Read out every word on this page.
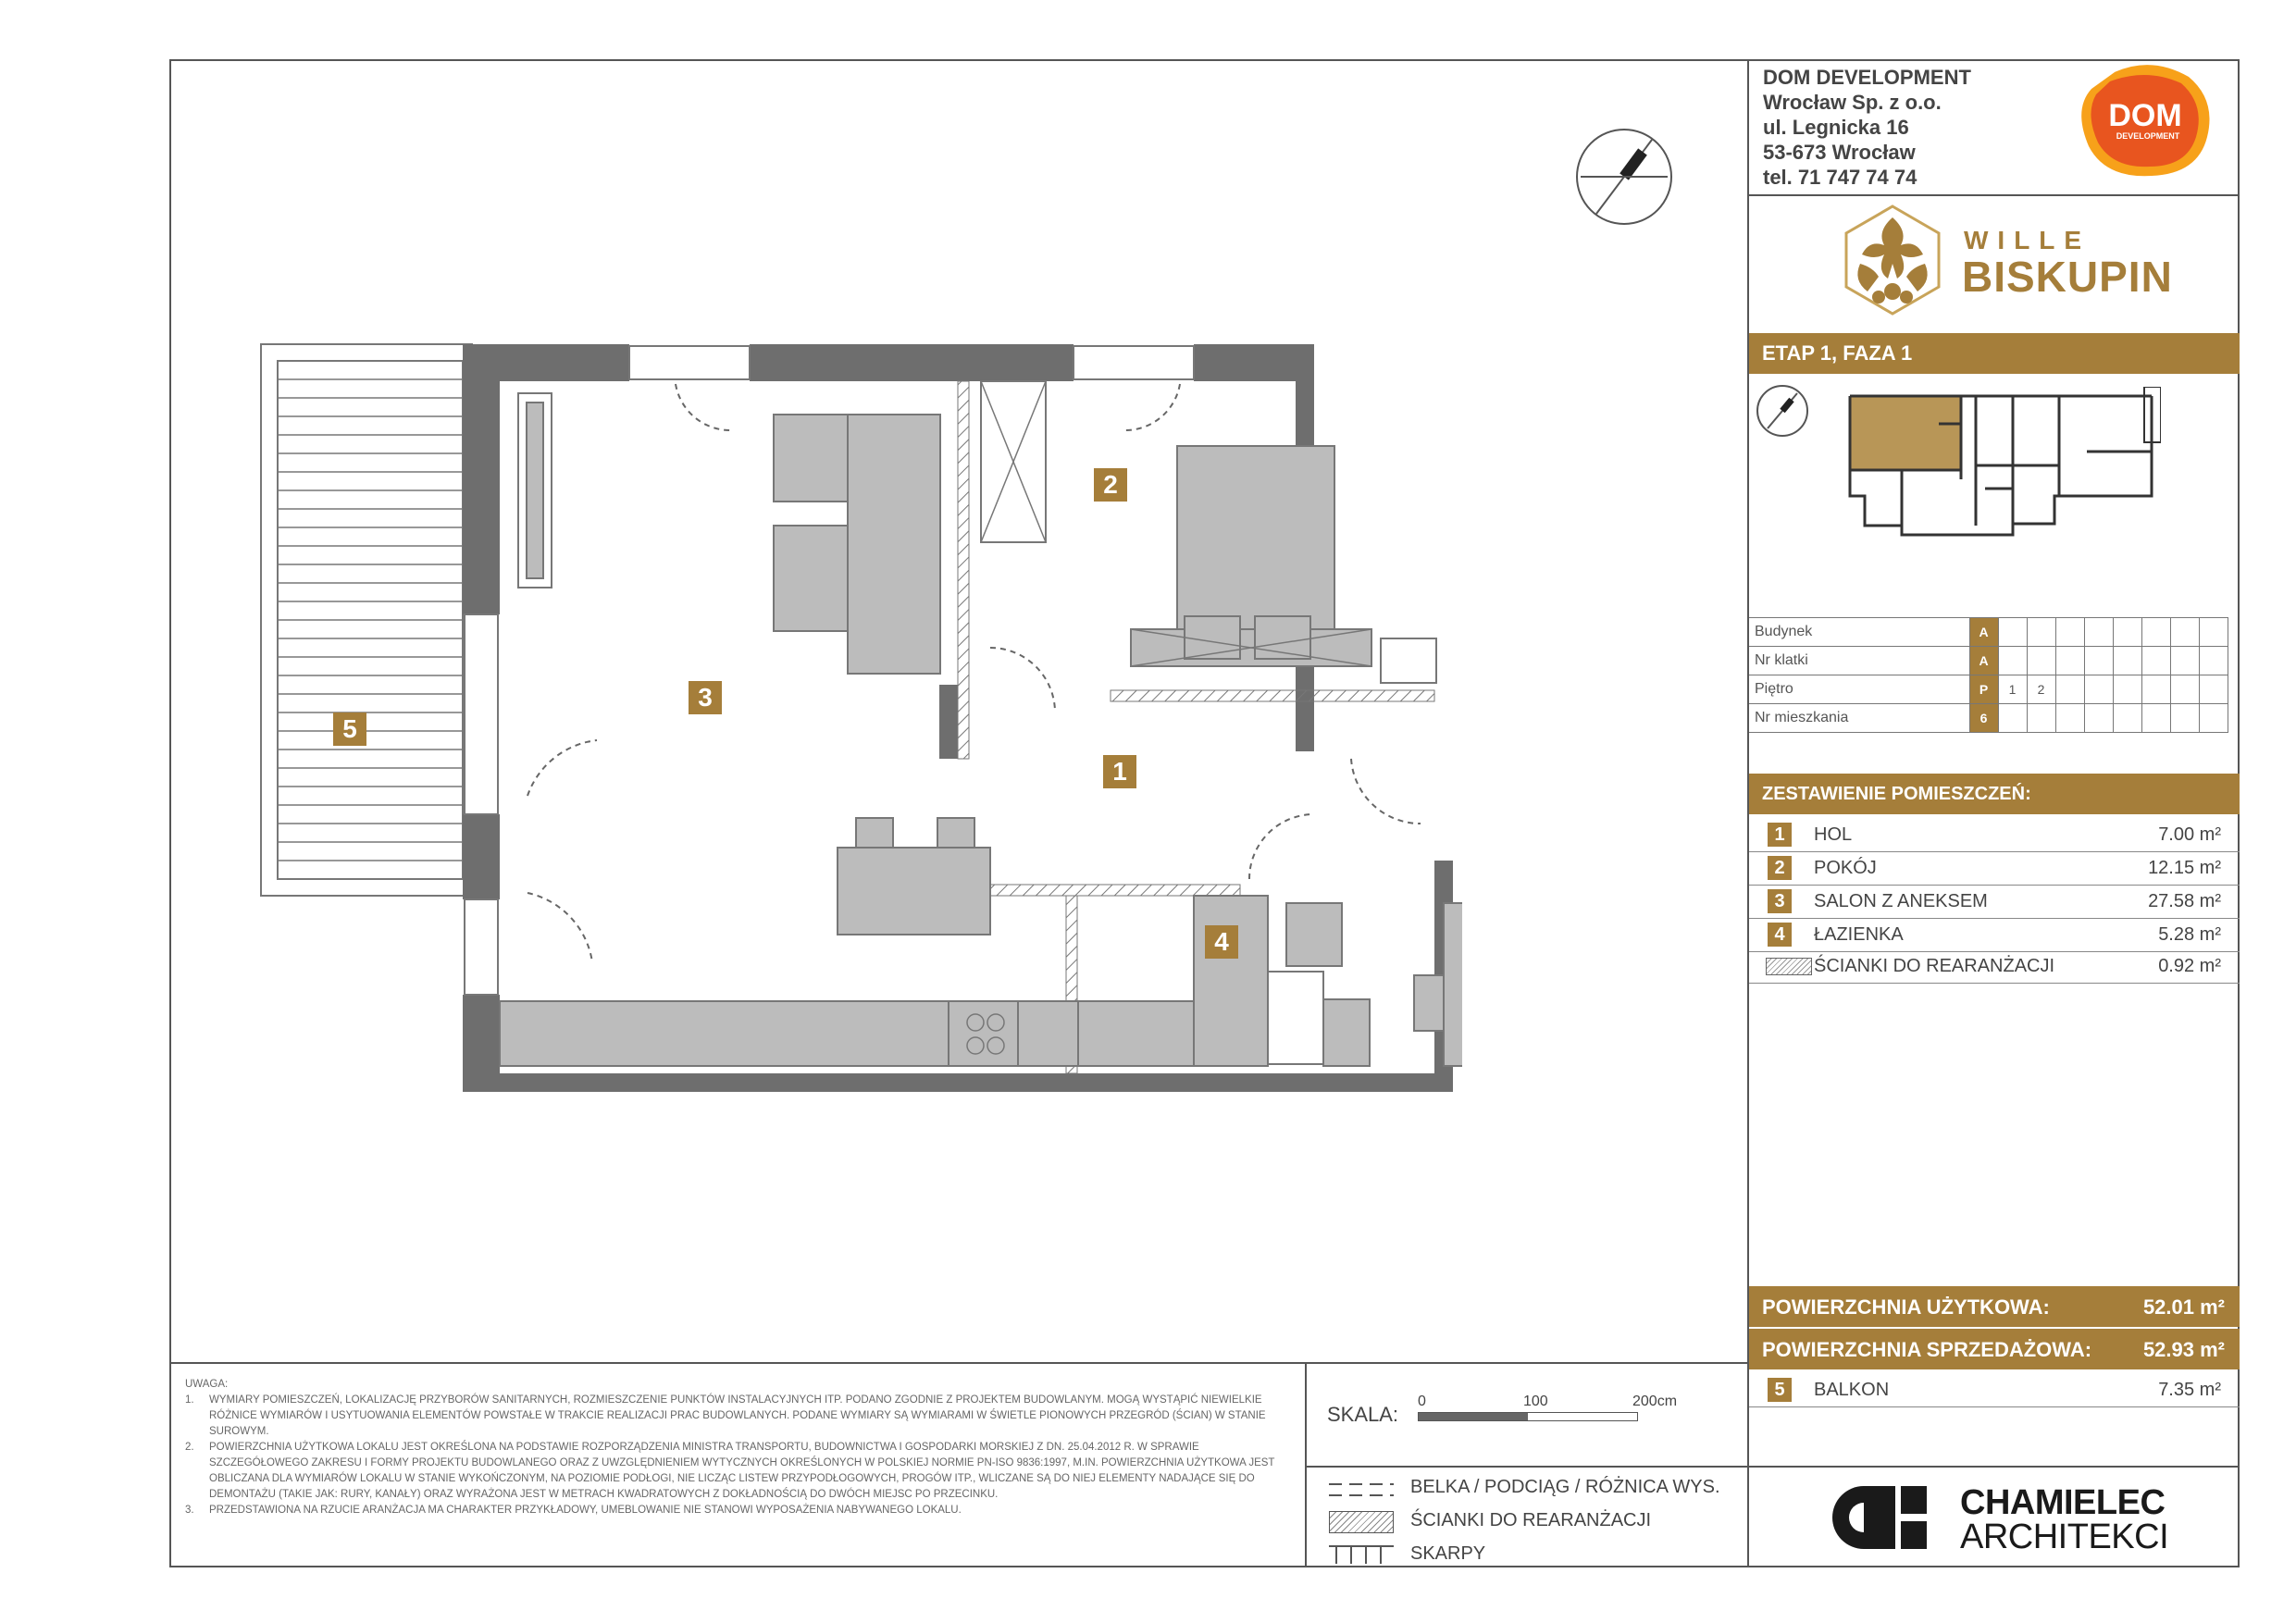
DOM DEVELOPMENT
Wrocław Sp. z o.o.
ul. Legnicka 16
53-673 Wrocław
tel. 71 747 74 74
DOM
DEVELOPMENT
WILLE
BISKUPIN
ETAP 1, FAZA 1
Budynek	A								
Nr klatki	A								
Piętro	P	1	2						
Nr mieszkania	6								
ZESTAWIENIE POMIESZCZEŃ:
1	HOL	7.00 m²
2	POKÓJ	12.15 m²
3	SALON Z ANEKSEM	27.58 m²
4	ŁAZIENKA	5.28 m²
ŚCIANKI DO REARANŻACJI	0.92 m²
POWIERZCHNIA UŻYTKOWA:	52.01 m²
POWIERZCHNIA SPRZEDAŻOWA:	52.93 m²
5	BALKON	7.35 m²
CHAMIELEC
ARCHITEKCI
UWAGA:
1.	WYMIARY POMIESZCZEŃ, LOKALIZACJĘ PRZYBORÓW SANITARNYCH, ROZMIESZCZENIE PUNKTÓW INSTALACYJNYCH ITP. PODANO ZGODNIE Z PROJEKTEM BUDOWLANYM. MOGĄ WYSTĄPIĆ NIEWIELKIE RÓŻNICE WYMIARÓW I USYTUOWANIA ELEMENTÓW POWSTAŁE W TRAKCIE REALIZACJI PRAC BUDOWLANYCH. PODANE WYMIARY SĄ WYMIARAMI W ŚWIETLE PIONOWYCH PRZEGRÓD (ŚCIAN) W STANIE SUROWYM.
2.	POWIERZCHNIA UŻYTKOWA LOKALU JEST OKREŚLONA NA PODSTAWIE ROZPORZĄDZENIA MINISTRA TRANSPORTU, BUDOWNICTWA I GOSPODARKI MORSKIEJ Z DN. 25.04.2012 R. W SPRAWIE SZCZEGÓŁOWEGO ZAKRESU I FORMY PROJEKTU BUDOWLANEGO ORAZ Z UWZGLĘDNIENIEM WYTYCZNYCH OKREŚLONYCH W POLSKIEJ NORMIE PN-ISO 9836:1997, M.IN. POWIERZCHNIA UŻYTKOWA JEST OBLICZANA DLA WYMIARÓW LOKALU W STANIE WYKOŃCZONYM, NA POZIOMIE PODŁOGI, NIE LICZĄC LISTEW PRZYPODŁOGOWYCH, PROGÓW ITP., WLICZANE SĄ DO NIEJ ELEMENTY NADAJĄCE SIĘ DO DEMONTAŻU (TAKIE JAK: RURY, KANAŁY) ORAZ WYRAŻONA JEST W METRACH KWADRATOWYCH Z DOKŁADNOŚCIĄ DO DWÓCH MIEJSC PO PRZECINKU.
3.	PRZEDSTAWIONA NA RZUCIE ARANŻACJA MA CHARAKTER PRZYKŁADOWY, UMEBLOWANIE NIE STANOWI WYPOSAŻENIA NABYWANEGO LOKALU.
SKALA:
0	100	200cm
BELKA / PODCIĄG / RÓŻNICA WYS.
ŚCIANKI DO REARANŻACJI
SKARPY
1
2
3
4
5
